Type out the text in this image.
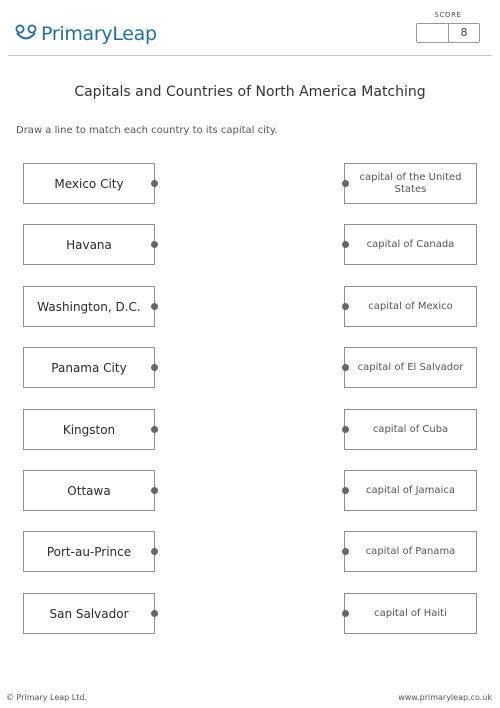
PrimaryLeap
SCORE
8
Capitals and Countries of North America Matching
Draw a line to match each country to its capital city.
Mexico City
Havana
Washington, D.C.
Panama City
Kingston
Ottawa
Port-au-Prince
San Salvador
capital of the United States
capital of Canada
capital of Mexico
capital of El Salvador
capital of Cuba
capital of Jamaica
capital of Panama
capital of Haiti
© Primary Leap Ltd.	www.primaryleap.co.uk
